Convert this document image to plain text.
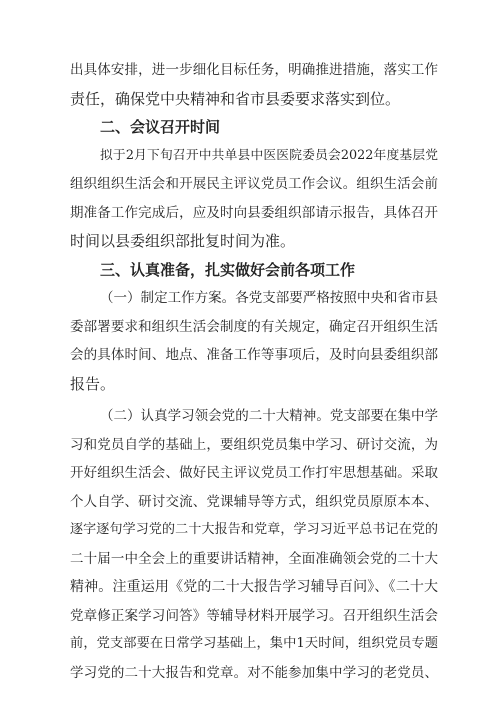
出具体安排，进一步细化目标任务，明确推进措施，落实工作
责任，确保党中央精神和省市县委要求落实到位。
二、会议召开时间
拟于2月下旬召开中共单县中医医院委员会2022年度基层党
组织组织生活会和开展民主评议党员工作会议。组织生活会前
期准备工作完成后，应及时向县委组织部请示报告，具体召开
时间以县委组织部批复时间为准。
三、认真准备，扎实做好会前各项工作
（一）制定工作方案。各党支部要严格按照中央和省市县
委部署要求和组织生活会制度的有关规定，确定召开组织生活
会的具体时间、地点、准备工作等事项后，及时向县委组织部
报告。
（二）认真学习领会党的二十大精神。党支部要在集中学
习和党员自学的基础上，要组织党员集中学习、研讨交流，为
开好组织生活会、做好民主评议党员工作打牢思想基础。采取
个人自学、研讨交流、党课辅导等方式，组织党员原原本本、
逐字逐句学习党的二十大报告和党章，学习习近平总书记在党的
二十届一中全会上的重要讲话精神，全面准确领会党的二十大
精神。注重运用《党的二十大报告学习辅导百问》、《二十大
党章修正案学习问答》等辅导材料开展学习。召开组织生活会
前，党支部要在日常学习基础上，集中1天时间，组织党员专题
学习党的二十大报告和党章。对不能参加集中学习的老党员、
